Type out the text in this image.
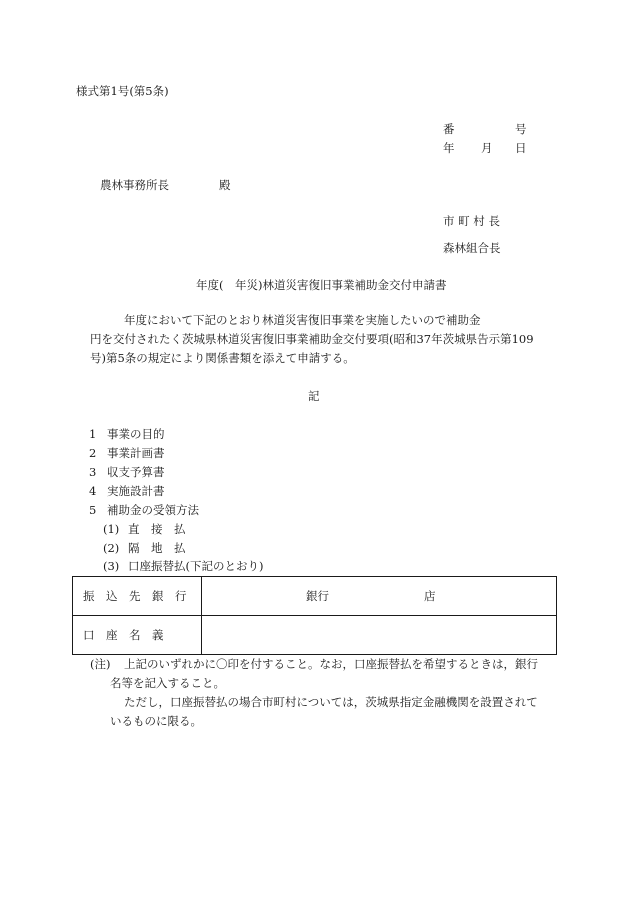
様式第1号(第5条)
番	号
年 月 日
農林事務所長	殿
市 町 村 長
森林組合長
年度(　年災)林道災害復旧事業補助金交付申請書
年度において下記のとおり林道災害復旧事業を実施したいので補助金
円を交付されたく茨城県林道災害復旧事業補助金交付要項(昭和37年茨城県告示第109
号)第5条の規定により関係書類を添えて申請する。
記
1 事業の目的
2 事業計画書
3 収支予算書
4 実施設計書
5 補助金の受領方法
(1) 直　接　払
(2) 隔　地　払
(3) 口座振替払(下記のとおり)
振　込　先　銀　行	銀行 店

口　座　名　義	
(注) 上記のいずれかに〇印を付すること。なお，口座振替払を希望するときは，銀行
名等を記入すること。
ただし，口座振替払の場合市町村については，茨城県指定金融機関を設置されて
いるものに限る。
